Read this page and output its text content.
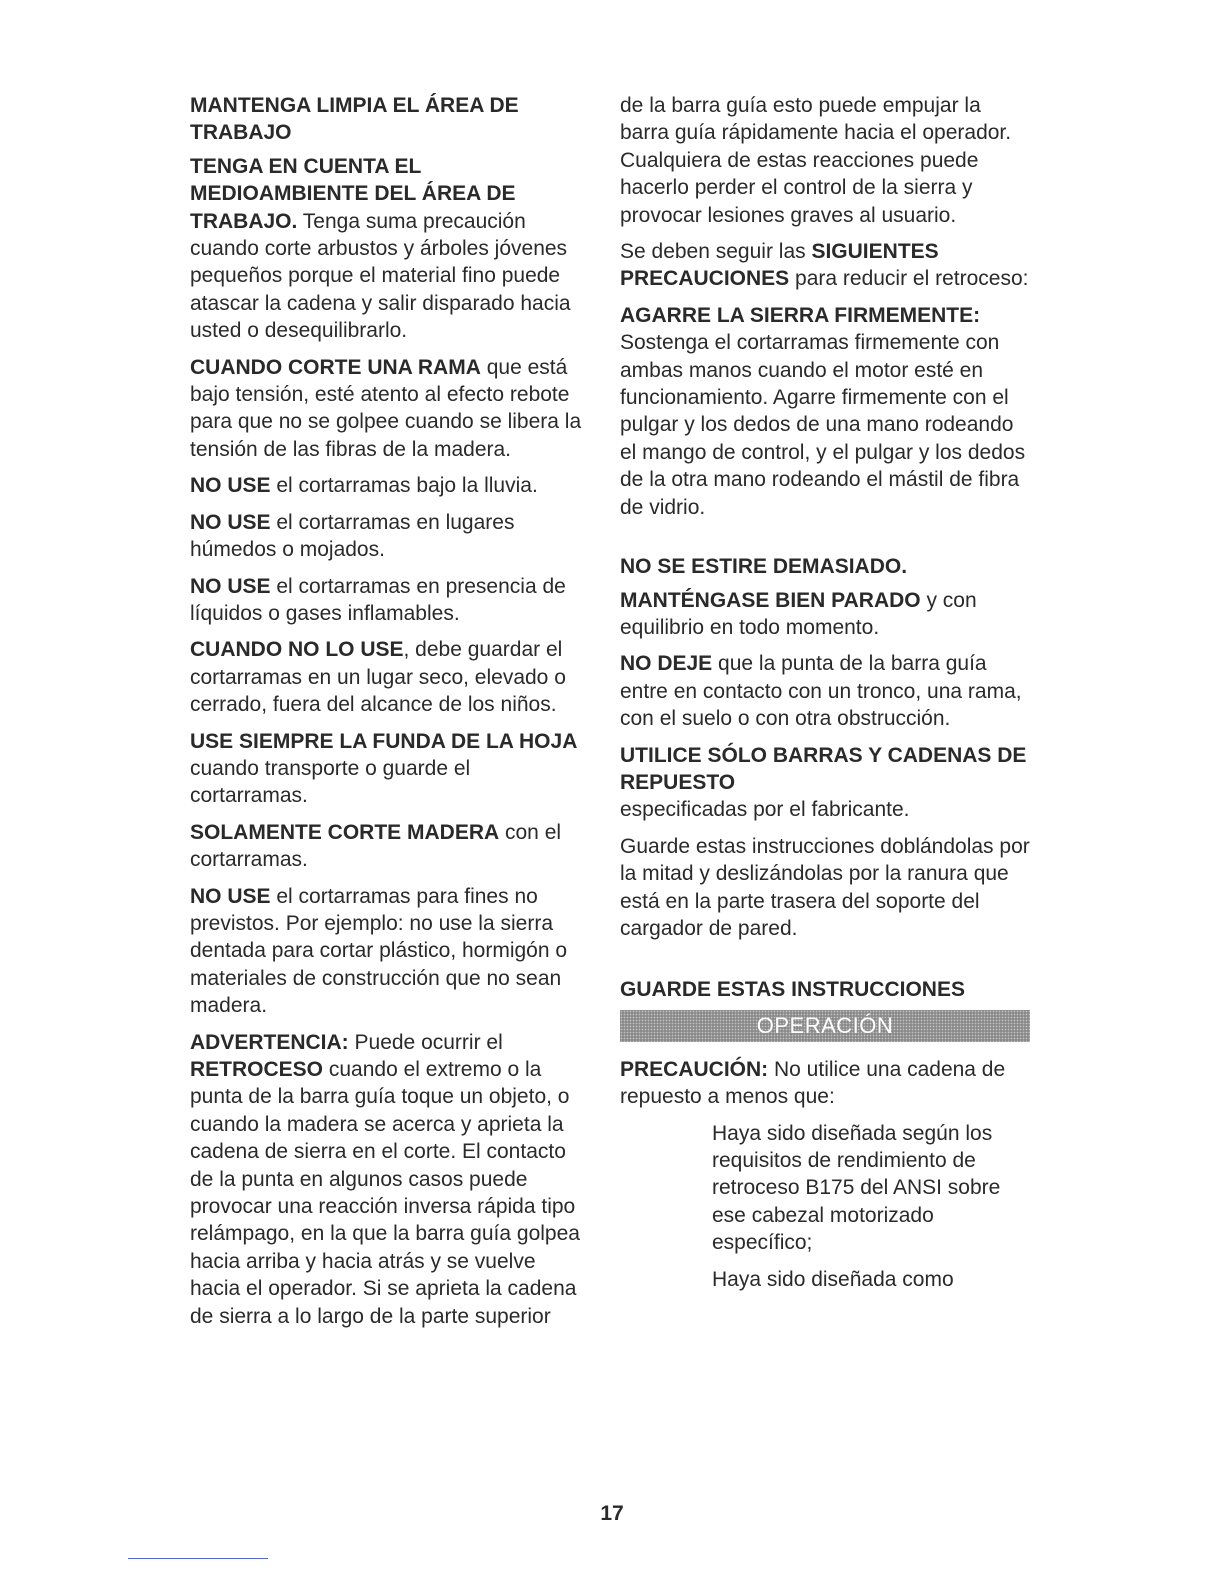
MANTENGA LIMPIA EL ÁREA DE TRABAJO

TENGA EN CUENTA EL MEDIOAMBIENTE DEL ÁREA DE TRABAJO. Tenga suma precaución cuando corte arbustos y árboles jóvenes pequeños porque el material fino puede atascar la cadena y salir disparado hacia usted o desequilibrarlo.

CUANDO CORTE UNA RAMA que está bajo tensión, esté atento al efecto rebote para que no se golpee cuando se libera la tensión de las fibras de la madera.

NO USE el cortarramas bajo la lluvia.

NO USE el cortarramas en lugares húmedos o mojados.

NO USE el cortarramas en presencia de líquidos o gases inflamables.

CUANDO NO LO USE, debe guardar el cortarramas en un lugar seco, elevado o cerrado, fuera del alcance de los niños.

USE SIEMPRE LA FUNDA DE LA HOJA cuando transporte o guarde el cortarramas.

SOLAMENTE CORTE MADERA con el cortarramas.

NO USE el cortarramas para fines no previstos. Por ejemplo: no use la sierra dentada para cortar plástico, hormigón o materiales de construcción que no sean madera.

ADVERTENCIA: Puede ocurrir el RETROCESO cuando el extremo o la punta de la barra guía toque un objeto, o cuando la madera se acerca y aprieta la cadena de sierra en el corte. El contacto de la punta en algunos casos puede provocar una reacción inversa rápida tipo relámpago, en la que la barra guía golpea hacia arriba y hacia atrás y se vuelve hacia el operador. Si se aprieta la cadena de sierra a lo largo de la parte superior

de la barra guía esto puede empujar la barra guía rápidamente hacia el operador. Cualquiera de estas reacciones puede hacerlo perder el control de la sierra y provocar lesiones graves al usuario.

Se deben seguir las SIGUIENTES PRECAUCIONES para reducir el retroceso:

AGARRE LA SIERRA FIRMEMENTE:

Sostenga el cortarramas firmemente con ambas manos cuando el motor esté en funcionamiento. Agarre firmemente con el pulgar y los dedos de una mano rodeando el mango de control, y el pulgar y los dedos de la otra mano rodeando el mástil de fibra de vidrio.

NO SE ESTIRE DEMASIADO.

MANTÉNGASE BIEN PARADO y con equilibrio en todo momento.

NO DEJE que la punta de la barra guía entre en contacto con un tronco, una rama, con el suelo o con otra obstrucción.

UTILICE SÓLO BARRAS Y CADENAS DE REPUESTO

especificadas por el fabricante.

Guarde estas instrucciones doblándolas por la mitad y deslizándolas por la ranura que está en la parte trasera del soporte del cargador de pared.

GUARDE ESTAS INSTRUCCIONES
OPERACIÓN

PRECAUCIÓN: No utilice una cadena de repuesto a menos que:

Haya sido diseñada según los requisitos de rendimiento de retroceso B175 del ANSI sobre ese cabezal motorizado específico;

Haya sido diseñada como

17
